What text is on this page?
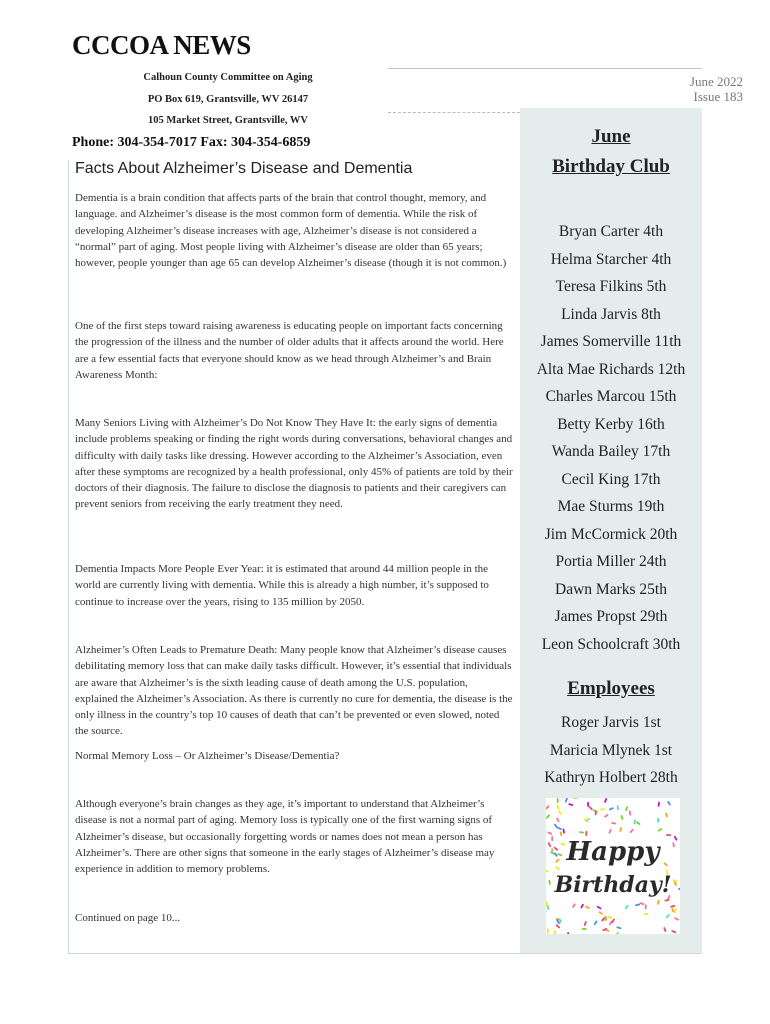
CCCOA NEWS
Calhoun County Committee on Aging
PO Box 619, Grantsville, WV 26147
105 Market Street, Grantsville, WV
Phone: 304-354-7017 Fax: 304-354-6859
June 2022
Issue 183
Facts About Alzheimer’s Disease and Dementia

Dementia is a brain condition that affects parts of the brain that control thought, memory, and language. and Alzheimer’s disease is the most common form of dementia. While the risk of developing Alzheimer’s disease increases with age, Alzheimer’s disease is not considered a “normal” part of aging. Most people living with Alzheimer’s disease are older than 65 years; however, people younger than age 65 can develop Alzheimer’s disease (though it is not common.)

One of the first steps toward raising awareness is educating people on important facts concerning the progression of the illness and the number of older adults that it affects around the world. Here are a few essential facts that everyone should know as we head through Alzheimer’s and Brain Awareness Month:

Many Seniors Living with Alzheimer’s Do Not Know They Have It: the early signs of dementia include problems speaking or finding the right words during conversations, behavioral changes and difficulty with daily tasks like dressing. However according to the Alzheimer’s Association, even after these symptoms are recognized by a health professional, only 45% of patients are told by their doctors of their diagnosis. The failure to disclose the diagnosis to patients and their caregivers can prevent seniors from receiving the early treatment they need.

Dementia Impacts More People Ever Year: it is estimated that around 44 million people in the world are currently living with dementia. While this is already a high number, it’s supposed to continue to increase over the years, rising to 135 million by 2050.

Alzheimer’s Often Leads to Premature Death: Many people know that Alzheimer’s disease causes debilitating memory loss that can make daily tasks difficult. However, it’s essential that individuals are aware that Alzheimer’s is the sixth leading cause of death among the U.S. population, explained the Alzheimer’s Association. As there is currently no cure for dementia, the disease is the only illness in the country’s top 10 causes of death that can’t be prevented or even slowed, noted the source.

Normal Memory Loss – Or Alzheimer’s Disease/Dementia?

Although everyone’s brain changes as they age, it’s important to understand that Alzheimer’s disease is not a normal part of aging. Memory loss is typically one of the first warning signs of Alzheimer’s disease, but occasionally forgetting words or names does not mean a person has Alzheimer’s. There are other signs that someone in the early stages of Alzheimer’s disease may experience in addition to memory problems.

Continued on page 10...

June
Birthday Club
Bryan Carter 4th
Helma Starcher 4th
Teresa Filkins 5th
Linda Jarvis 8th
James Somerville 11th
Alta Mae Richards 12th
Charles Marcou 15th
Betty Kerby 16th
Wanda Bailey 17th
Cecil King 17th
Mae Sturms 19th
Jim McCormick 20th
Portia Miller 24th
Dawn Marks 25th
James Propst 29th
Leon Schoolcraft 30th
Employees
Roger Jarvis 1st
Maricia Mlynek 1st
Kathryn Holbert 28th
Happy
Birthday!
